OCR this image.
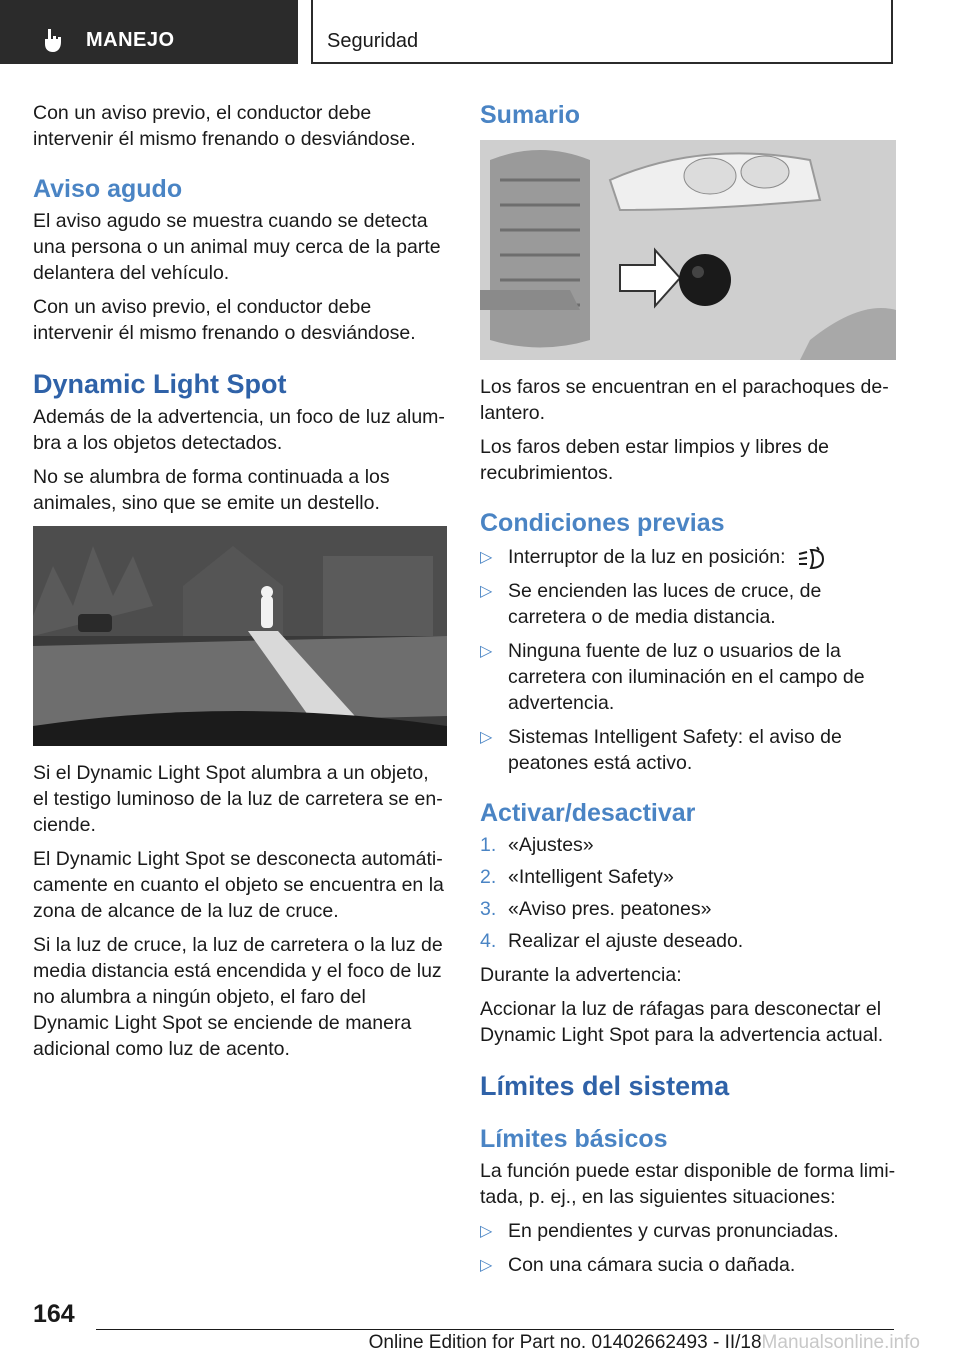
MANEJO	Seguridad

Con un aviso previo, el conductor debe intervenir él mismo frenando o desviándose.

Aviso agudo

El aviso agudo se muestra cuando se detecta una persona o un animal muy cerca de la parte delantera del vehículo.

Con un aviso previo, el conductor debe intervenir él mismo frenando o desviándose.

Dynamic Light Spot

Además de la advertencia, un foco de luz alumbra a los objetos detectados.

No se alumbra de forma continuada a los animales, sino que se emite un destello.

Si el Dynamic Light Spot alumbra a un objeto, el testigo luminoso de la luz de carretera se enciende.

El Dynamic Light Spot se desconecta automáticamente en cuanto el objeto se encuentra en la zona de alcance de la luz de cruce.

Si la luz de cruce, la luz de carretera o la luz de media distancia está encendida y el foco de luz no alumbra a ningún objeto, el faro del Dynamic Light Spot se enciende de manera adicional como luz de acento.

Sumario

Los faros se encuentran en el parachoques delantero.

Los faros deben estar limpios y libres de recubrimientos.

Condiciones previas
▷ Interruptor de la luz en posición:
▷ Se encienden las luces de cruce, de carretera o de media distancia.
▷ Ninguna fuente de luz o usuarios de la carretera con iluminación en el campo de advertencia.
▷ Sistemas Intelligent Safety: el aviso de peatones está activo.
Activar/desactivar
1. «Ajustes»
2. «Intelligent Safety»
3. «Aviso pres. peatones»
4. Realizar el ajuste deseado.

Durante la advertencia:

Accionar la luz de ráfagas para desconectar el Dynamic Light Spot para la advertencia actual.

Límites del sistema
Límites básicos

La función puede estar disponible de forma limitada, p. ej., en las siguientes situaciones:

▷ En pendientes y curvas pronunciadas.
▷ Con una cámara sucia o dañada.
164
Online Edition for Part no. 01402662493 - II/18Manualsonline.info
